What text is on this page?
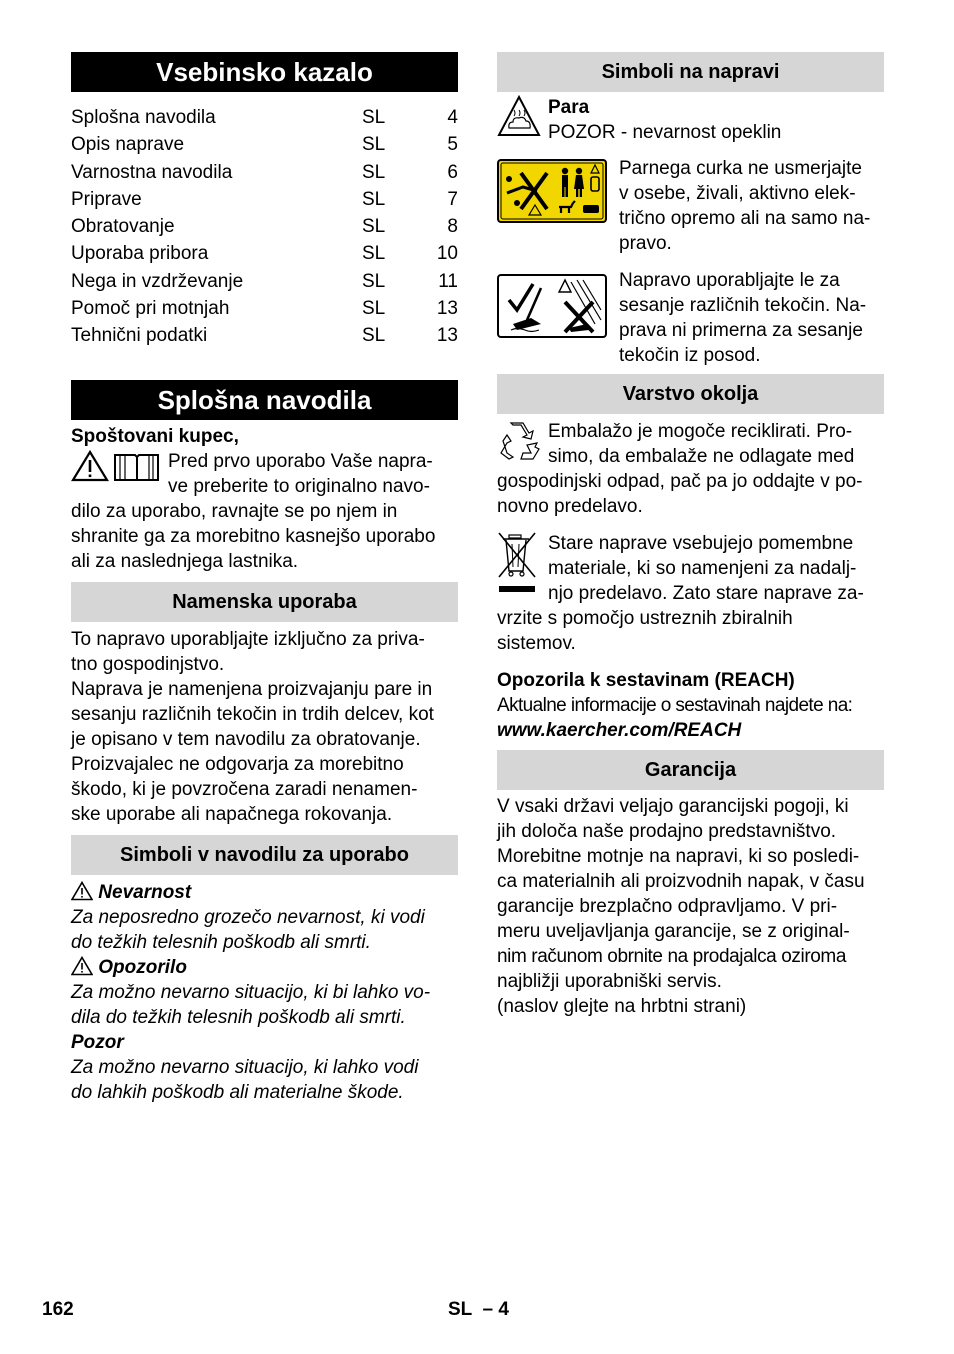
Vsebinsko kazalo
Splošna navodila	SL	4
Opis naprave	SL	5
Varnostna navodila	SL	6
Priprave	SL	7
Obratovanje	SL	8
Uporaba pribora	SL	10
Nega in vzdrževanje	SL	11
Pomoč pri motnjah	SL	13
Tehnični podatki	SL	13
Splošna navodila

Spoštovani kupec,

Pred prvo uporabo Vaše napra-

ve preberite to originalno navo-

dilo za uporabo, ravnajte se po njem in

shranite ga za morebitno kasnejšo uporabo

ali za naslednjega lastnika.

Namenska uporaba

To napravo uporabljajte izključno za priva-

tno gospodinjstvo.

Naprava je namenjena proizvajanju pare in

sesanju različnih tekočin in trdih delcev, kot

je opisano v tem navodilu za obratovanje.

Proizvajalec ne odgovarja za morebitno

škodo, ki je povzročena zaradi nenamen-

ske uporabe ali napačnega rokovanja.

Simboli v navodilu za uporabo

Nevarnost

Za neposredno grozečo nevarnost, ki vodi

do težkih telesnih poškodb ali smrti.

Opozorilo

Za možno nevarno situacijo, ki bi lahko vo-

dila do težkih telesnih poškodb ali smrti.

Pozor

Za možno nevarno situacijo, ki lahko vodi

do lahkih poškodb ali materialne škode.

Simboli na napravi

Para

POZOR - nevarnost opeklin

Parnega curka ne usmerjajte

v osebe, živali, aktivno elek-

trično opremo ali na samo na-

pravo.

Napravo uporabljajte le za

sesanje različnih tekočin. Na-

prava ni primerna za sesanje

tekočin iz posod.

Varstvo okolja

Embalažo je mogoče reciklirati. Pro-

simo, da embalaže ne odlagate med

gospodinjski odpad, pač pa jo oddajte v po-

novno predelavo.

Stare naprave vsebujejo pomembne

materiale, ki so namenjeni za nadalj-

njo predelavo. Zato stare naprave za-

vrzite s pomočjo ustreznih zbiralnih

sistemov.

Opozorila k sestavinam (REACH)

Aktualne informacije o sestavinah najdete na:

www.kaercher.com/REACH

Garancija

V vsaki državi veljajo garancijski pogoji, ki

jih določa naše prodajno predstavništvo.

Morebitne motnje na napravi, ki so posledi-

ca materialnih ali proizvodnih napak, v času

garancije brezplačno odpravljamo. V pri-

meru uveljavljanja garancije, se z original-

nim računom obrnite na prodajalca oziroma

najbližji uporabniški servis.

(naslov glejte na hrbtni strani)

162	SL  – 4
